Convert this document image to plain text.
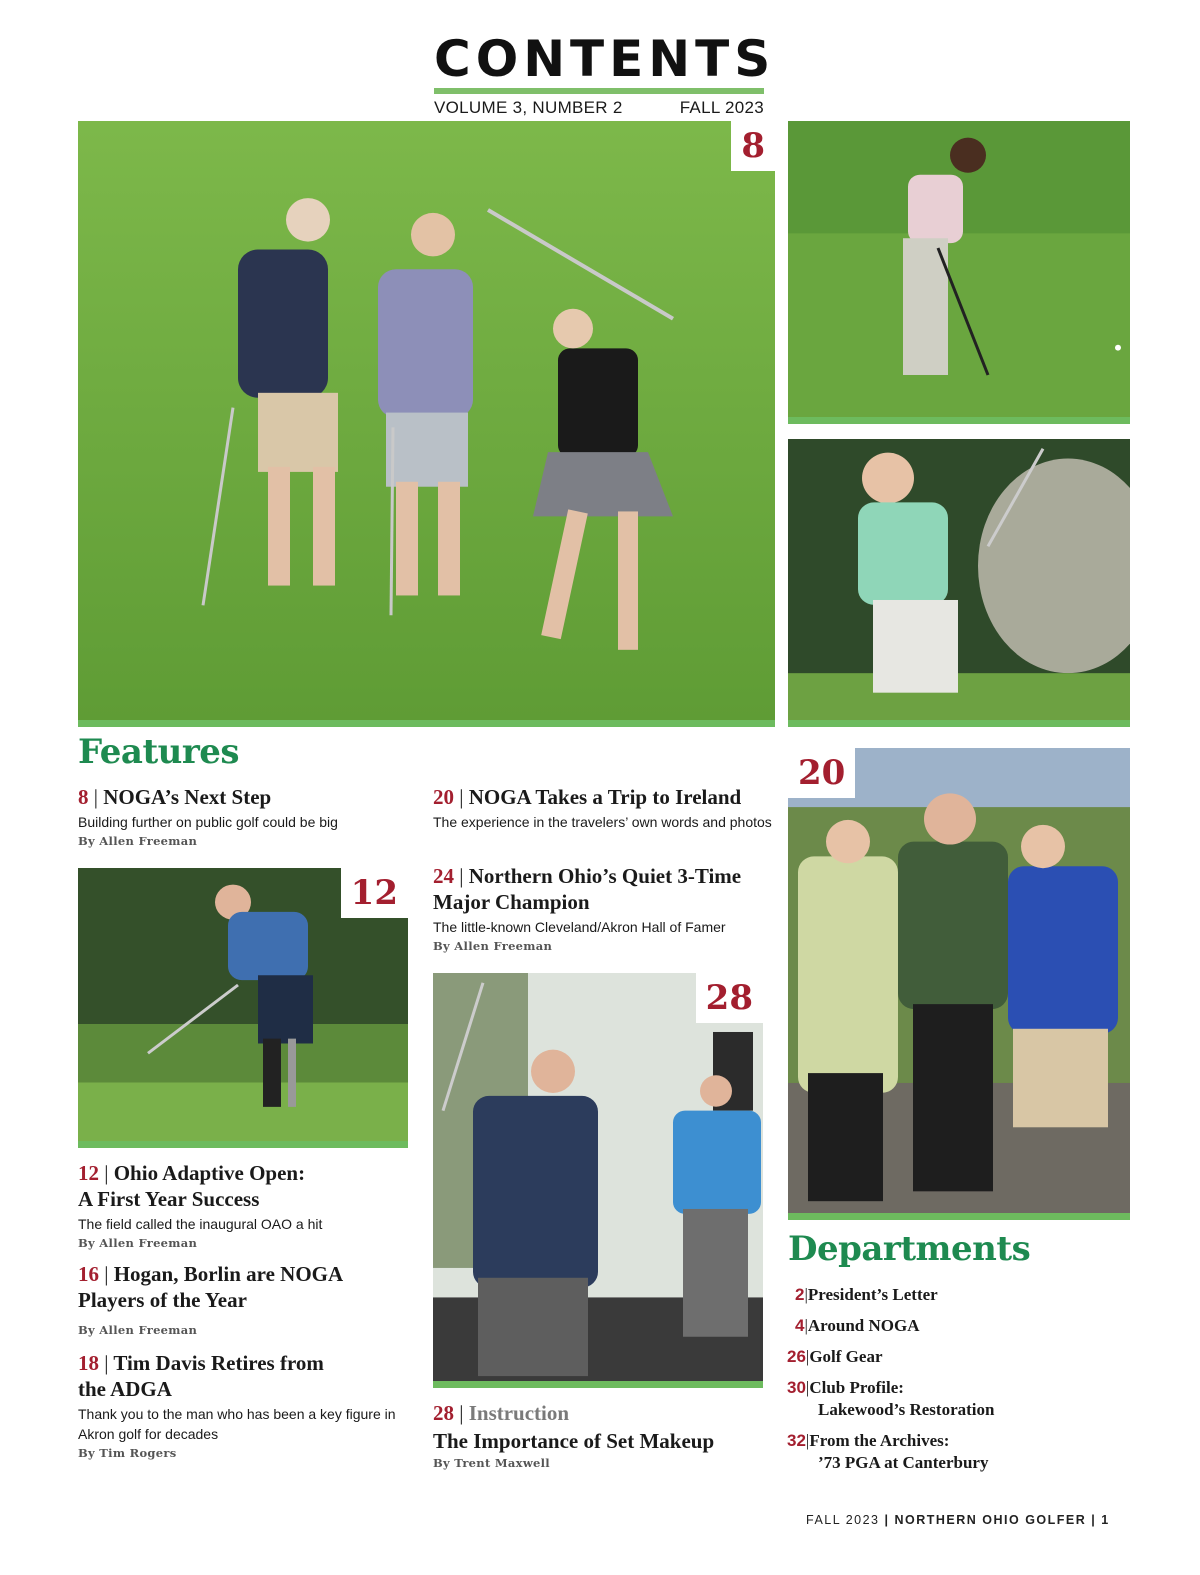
CONTENTS
VOLUME 3, NUMBER 2	FALL 2023
8
20
Features
8 | NOGA’s Next Step
Building further on public golf could be big
By Allen Freeman
12
20 | NOGA Takes a Trip to Ireland
The experience in the travelers’ own words and photos
24 | Northern Ohio’s Quiet 3-Time Major Champion
The little-known Cleveland/Akron Hall of Famer
By Allen Freeman
28
12 | Ohio Adaptive Open:
A First Year Success
The field called the inaugural OAO a hit
By Allen Freeman
16 | Hogan, Borlin are NOGA
Players of the Year
By Allen Freeman
18 | Tim Davis Retires from
the ADGA
Thank you to the man who has been a key figure in Akron golf for decades
By Tim Rogers
28 | Instruction
The Importance of Set Makeup
By Trent Maxwell
Departments
2|President’s Letter
4|Around NOGA
26|Golf Gear
30|Club Profile:
Lakewood’s Restoration
32|From the Archives:
’73 PGA at Canterbury
FALL 2023 | NORTHERN OHIO GOLFER | 1
